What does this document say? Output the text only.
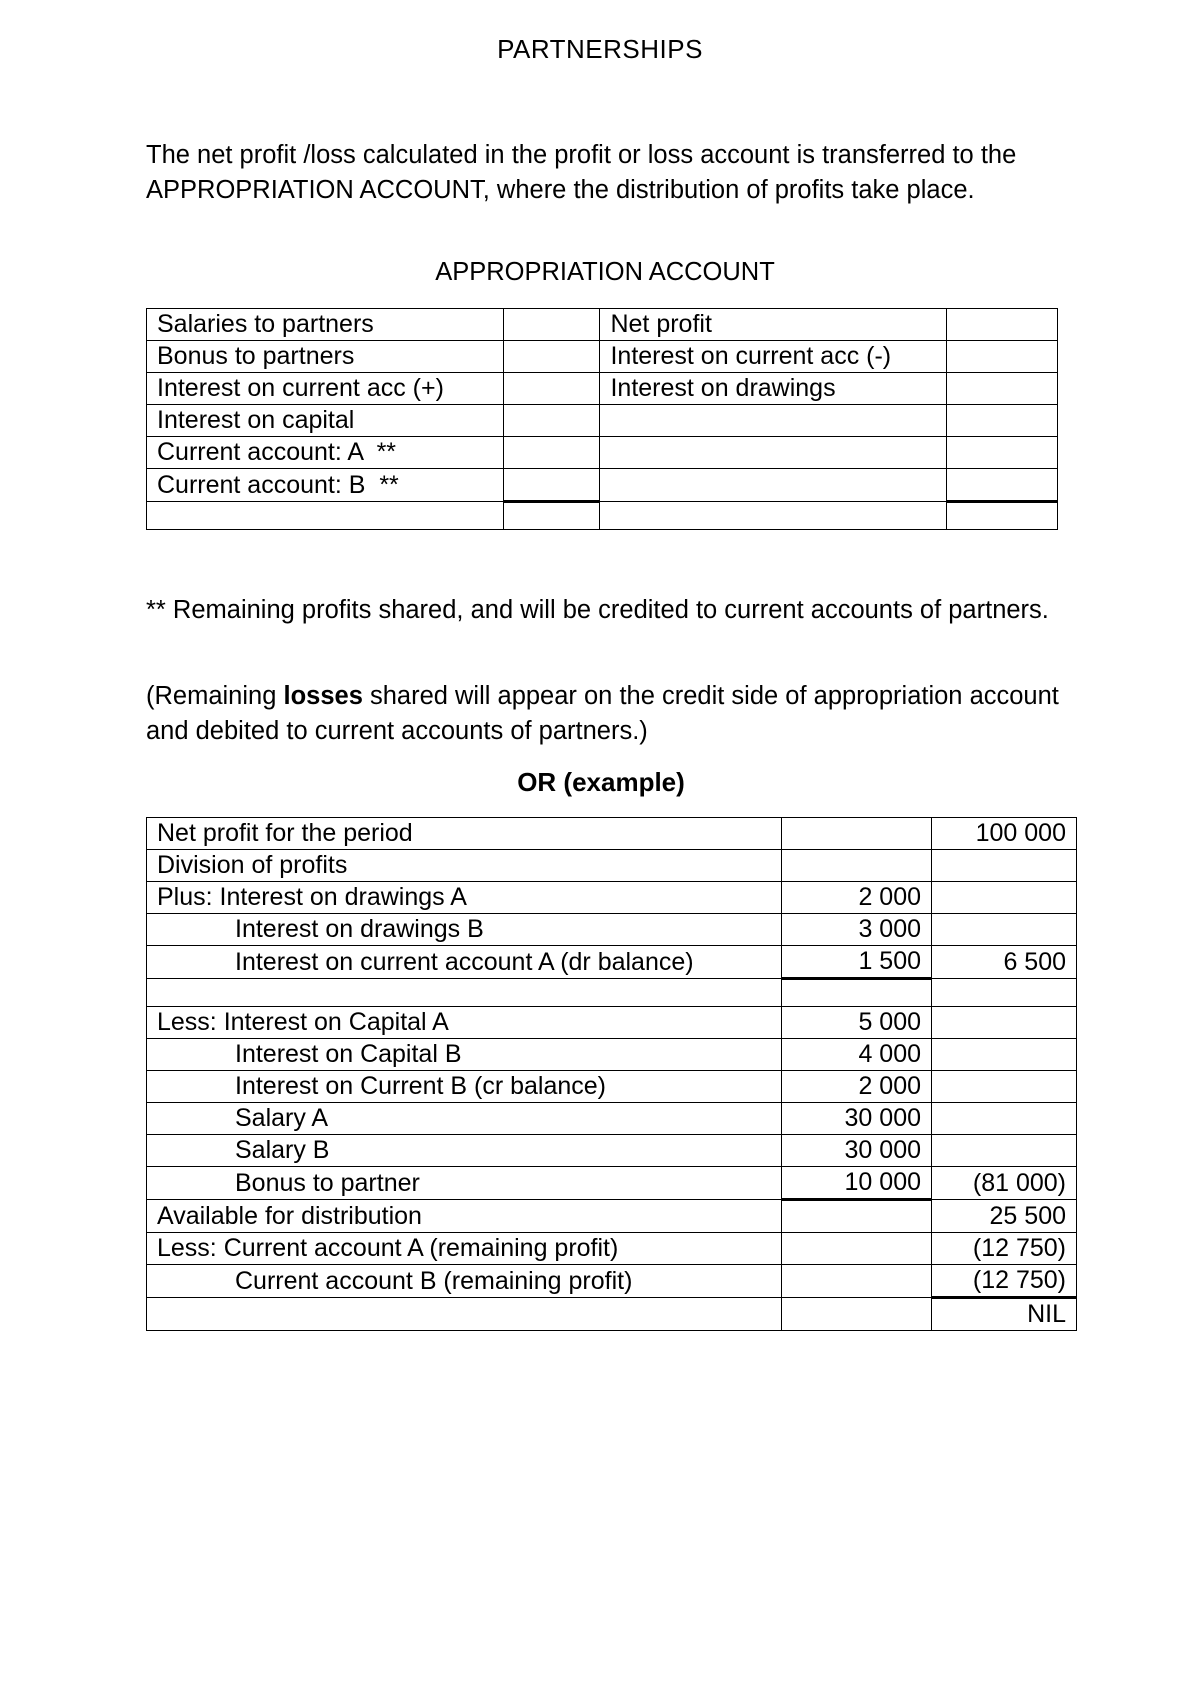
PARTNERSHIPS
The net profit /loss calculated in the profit or loss account is transferred to the APPROPRIATION ACCOUNT, where the distribution of profits take place.
APPROPRIATION ACCOUNT
Salaries to partners		Net profit	
Bonus to partners		Interest on current acc (-)	
Interest on current acc (+)		Interest on drawings	
Interest on capital			
Current account: A  **			
Current account: B  **			

** Remaining profits shared, and will be credited to current accounts of partners.
(Remaining losses shared will appear on the credit side of appropriation account and debited to current accounts of partners.)
OR (example)
Net profit for the period		100 000
Division of profits		
Plus: Interest on drawings A	2 000	
Interest on drawings B	3 000	
Interest on current account A (dr balance)	1 500	6 500

Less: Interest on Capital A	5 000	
Interest on Capital B	4 000	
Interest on Current B (cr balance)	2 000	
Salary A	30 000	
Salary B	30 000	
Bonus to partner	10 000	(81 000)
Available for distribution		25 500
Less: Current account A (remaining profit)		(12 750)
Current account B (remaining profit)		(12 750)
		NIL
